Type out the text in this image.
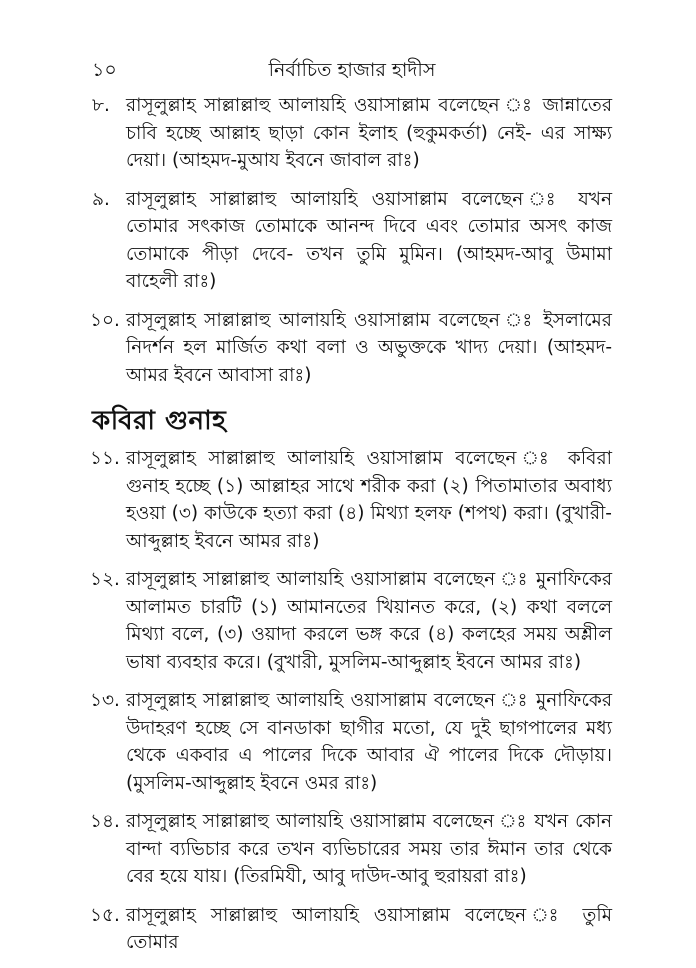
১০	নির্বাচিত হাজার হাদীস
৮. রাসূলুল্লাহ সাল্লাল্লাহু আলায়হি ওয়াসাল্লাম বলেছেন ঃ জান্নাতের চাবি হচ্ছে আল্লাহ ছাড়া কোন ইলাহ (হুকুমকর্তা) নেই- এর সাক্ষ্য দেয়া। (আহমদ-মুআয ইবনে জাবাল রাঃ)
৯. রাসূলুল্লাহ সাল্লাল্লাহু আলায়হি ওয়াসাল্লাম বলেছেন ঃ যখন তোমার সৎকাজ তোমাকে আনন্দ দিবে এবং তোমার অসৎ কাজ তোমাকে পীড়া দেবে- তখন তুমি মুমিন। (আহমদ-আবু উমামা বাহেলী রাঃ)
১০. রাসূলুল্লাহ সাল্লাল্লাহু আলায়হি ওয়াসাল্লাম বলেছেন ঃ ইসলামের নিদর্শন হল মার্জিত কথা বলা ও অভুক্তকে খাদ্য দেয়া। (আহমদ-আমর ইবনে আবাসা রাঃ)
কবিরা গুনাহ
১১. রাসূলুল্লাহ সাল্লাল্লাহু আলায়হি ওয়াসাল্লাম বলেছেন ঃ কবিরা গুনাহ হচ্ছে (১) আল্লাহর সাথে শরীক করা (২) পিতামাতার অবাধ্য হওয়া (৩) কাউকে হত্যা করা (৪) মিথ্যা হলফ (শপথ) করা। (বুখারী-আব্দুল্লাহ ইবনে আমর রাঃ)
১২. রাসূলুল্লাহ সাল্লাল্লাহু আলায়হি ওয়াসাল্লাম বলেছেন ঃ মুনাফিকের আলামত চারটি (১) আমানতের খিয়ানত করে, (২) কথা বললে মিথ্যা বলে, (৩) ওয়াদা করলে ভঙ্গ করে (৪) কলহের সময় অশ্লীল ভাষা ব্যবহার করে। (বুখারী, মুসলিম-আব্দুল্লাহ ইবনে আমর রাঃ)
১৩. রাসূলুল্লাহ সাল্লাল্লাহু আলায়হি ওয়াসাল্লাম বলেছেন ঃ মুনাফিকের উদাহরণ হচ্ছে সে বানডাকা ছাগীর মতো, যে দুই ছাগপালের মধ্য থেকে একবার এ পালের দিকে আবার ঐ পালের দিকে দৌড়ায়। (মুসলিম-আব্দুল্লাহ ইবনে ওমর রাঃ)
১৪. রাসূলুল্লাহ সাল্লাল্লাহু আলায়হি ওয়াসাল্লাম বলেছেন ঃ যখন কোন বান্দা ব্যভিচার করে তখন ব্যভিচারের সময় তার ঈমান তার থেকে বের হয়ে যায়। (তিরমিযী, আবু দাউদ-আবু হুরায়রা রাঃ)
১৫. রাসূলুল্লাহ সাল্লাল্লাহু আলায়হি ওয়াসাল্লাম বলেছেন ঃ তুমি তোমার
